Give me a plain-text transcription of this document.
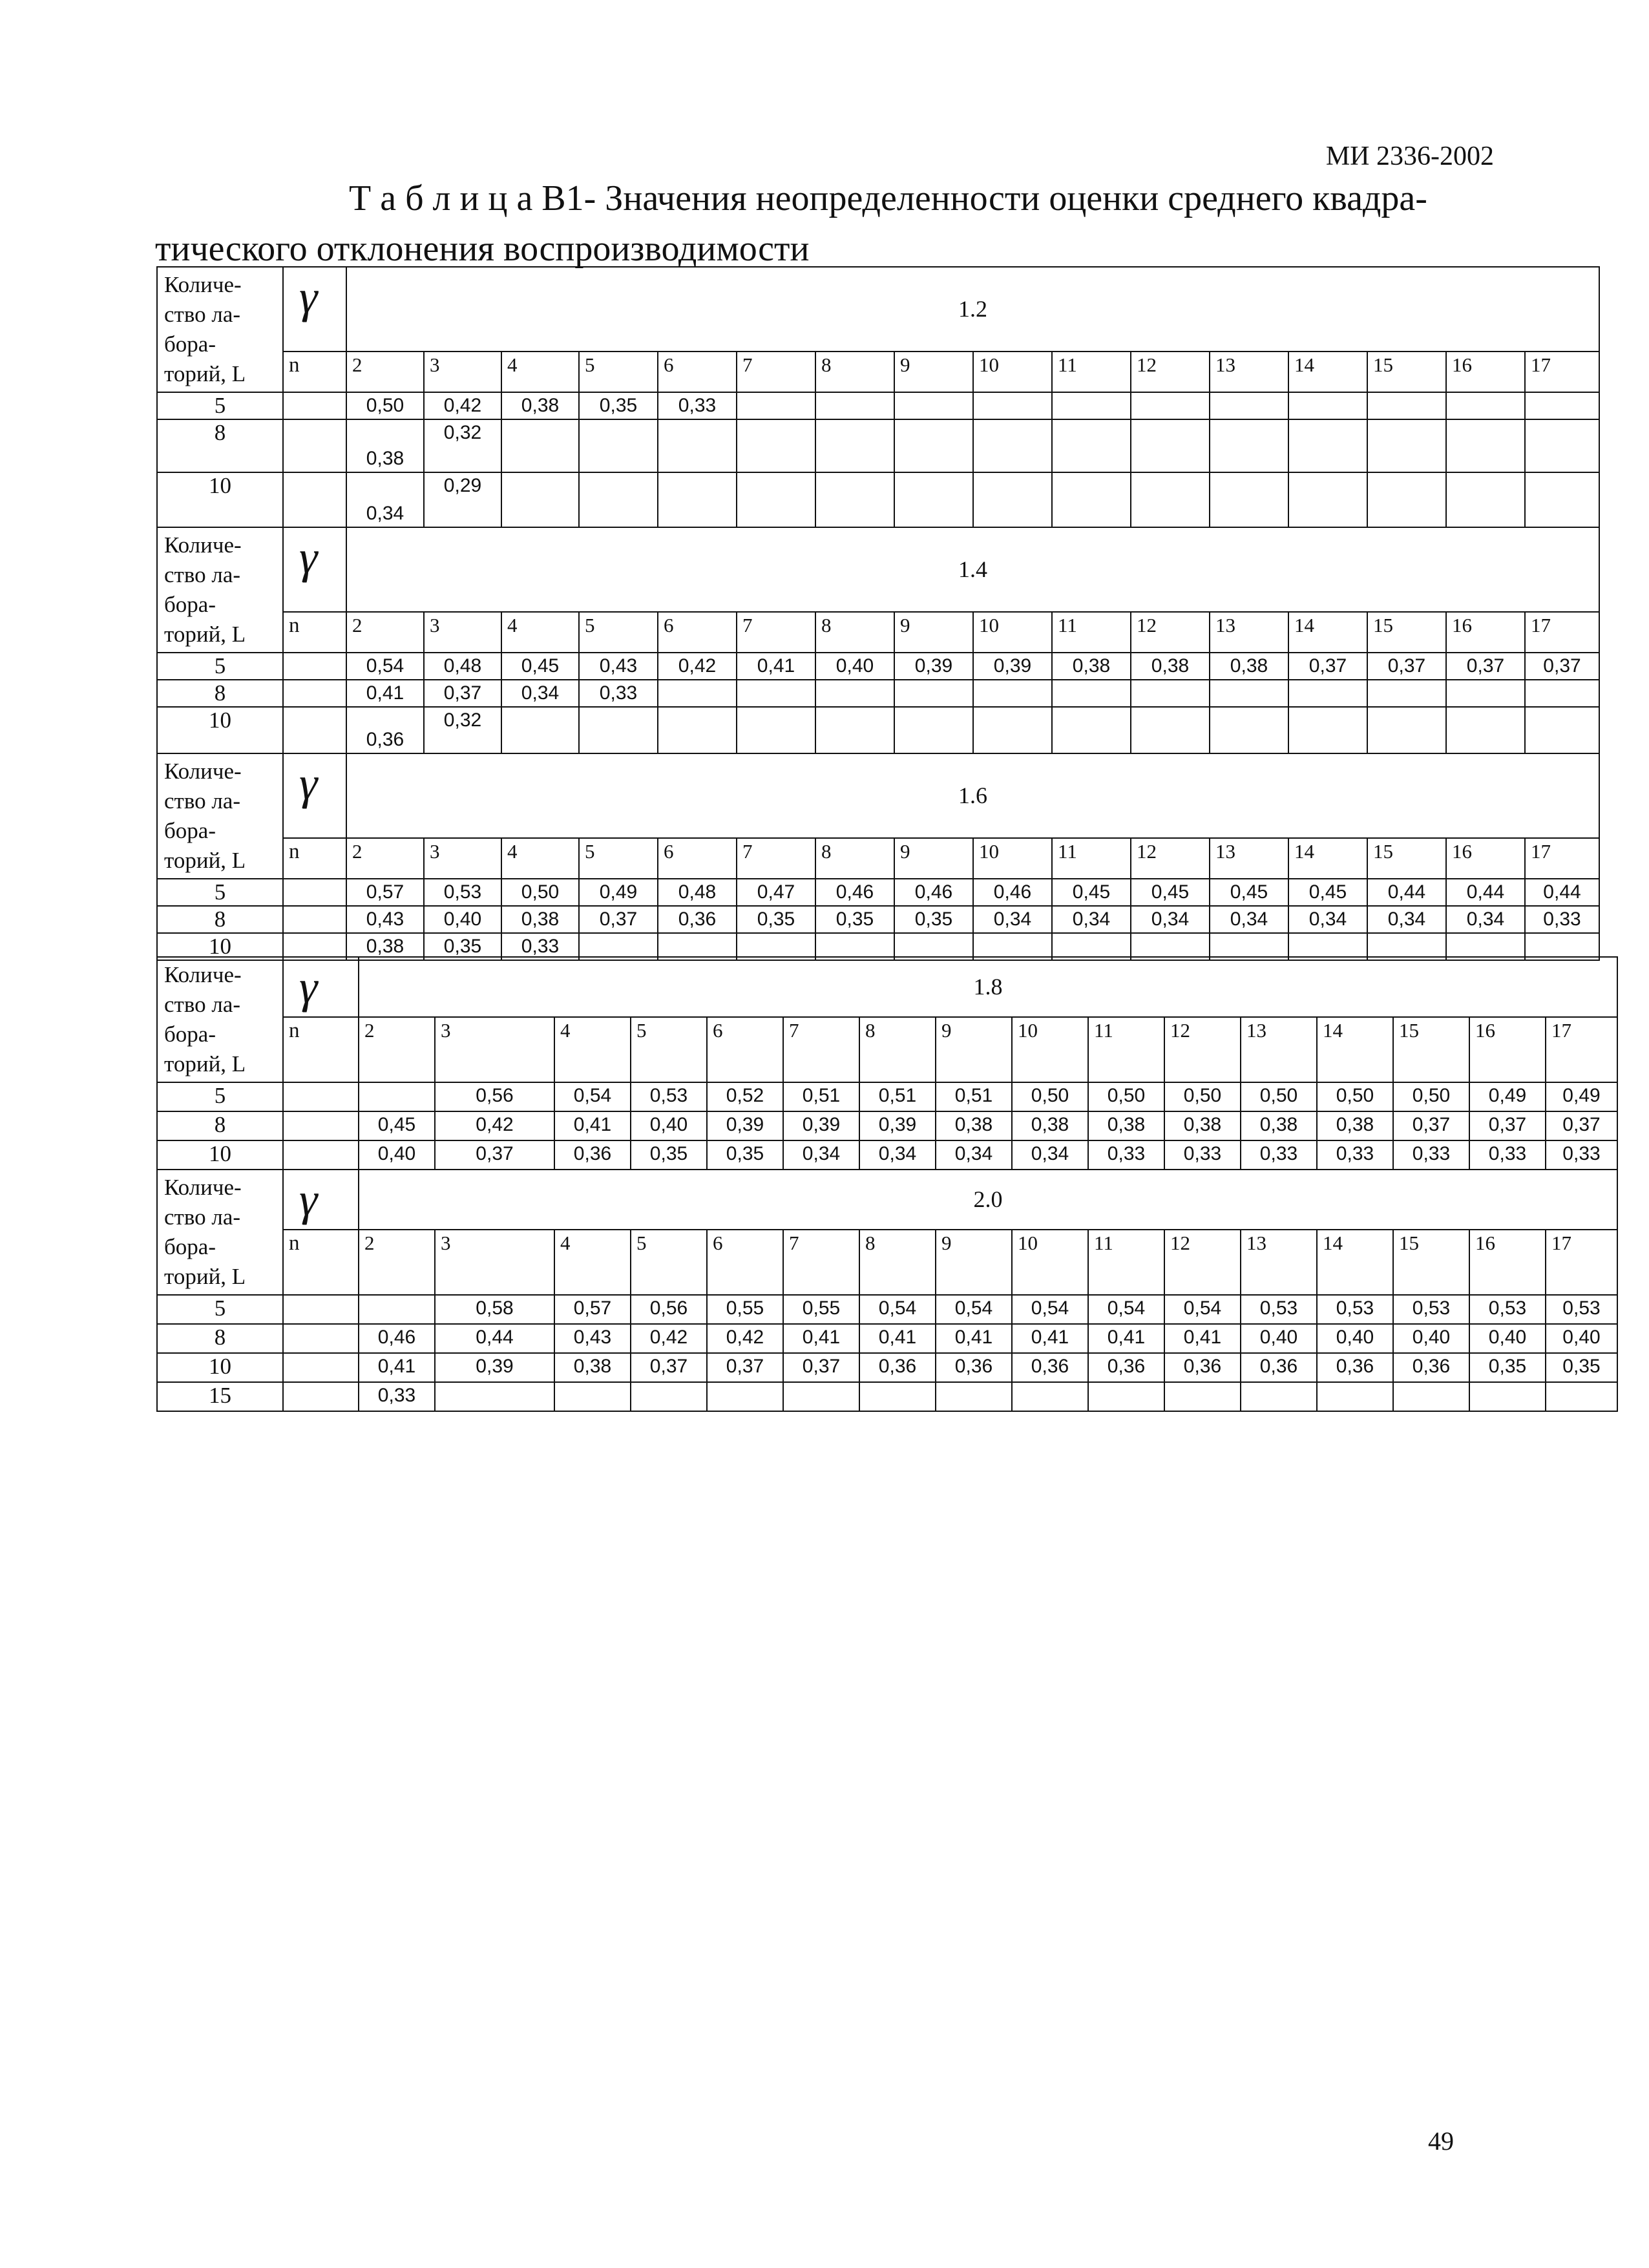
МИ 2336-2002
Т а б л и ц а В1- Значения неопределенности оценки среднего квадра-
тического отклонения воспроизводимости
Количе-ство ла-бора-торий, L	γ	1.2															
	n	2	3	4	5	6	7	8	9	10	11	12	13	14	15	16	17
5		0,50	0,42	0,38	0,35	0,33											
8		0,38	0,32														
10		0,34	0,29														
Количе-ство ла-бора-торий, L	γ	1.4															
	n	2	3	4	5	6	7	8	9	10	11	12	13	14	15	16	17
5		0,54	0,48	0,45	0,43	0,42	0,41	0,40	0,39	0,39	0,38	0,38	0,38	0,37	0,37	0,37	0,37
8		0,41	0,37	0,34	0,33												
10		0,36	0,32														
Количе-ство ла-бора-торий, L	γ	1.6															
	n	2	3	4	5	6	7	8	9	10	11	12	13	14	15	16	17
5		0,57	0,53	0,50	0,49	0,48	0,47	0,46	0,46	0,46	0,45	0,45	0,45	0,45	0,44	0,44	0,44
8		0,43	0,40	0,38	0,37	0,36	0,35	0,35	0,35	0,34	0,34	0,34	0,34	0,34	0,34	0,34	0,33
10		0,38	0,35	0,33													
Количе-ство ла-бора-торий, L	γ	1.8															
	n	2	3	4	5	6	7	8	9	10	11	12	13	14	15	16	17
5			0,56	0,54	0,53	0,52	0,51	0,51	0,51	0,50	0,50	0,50	0,50	0,50	0,50	0,49	0,49
8		0,45	0,42	0,41	0,40	0,39	0,39	0,39	0,38	0,38	0,38	0,38	0,38	0,38	0,37	0,37	0,37
10		0,40	0,37	0,36	0,35	0,35	0,34	0,34	0,34	0,34	0,33	0,33	0,33	0,33	0,33	0,33	0,33
Количе-ство ла-бора-торий, L	γ	2.0															
	n	2	3	4	5	6	7	8	9	10	11	12	13	14	15	16	17
5			0,58	0,57	0,56	0,55	0,55	0,54	0,54	0,54	0,54	0,54	0,53	0,53	0,53	0,53	0,53
8		0,46	0,44	0,43	0,42	0,42	0,41	0,41	0,41	0,41	0,41	0,41	0,40	0,40	0,40	0,40	0,40
10		0,41	0,39	0,38	0,37	0,37	0,37	0,36	0,36	0,36	0,36	0,36	0,36	0,36	0,36	0,35	0,35
15		0,33															
49
